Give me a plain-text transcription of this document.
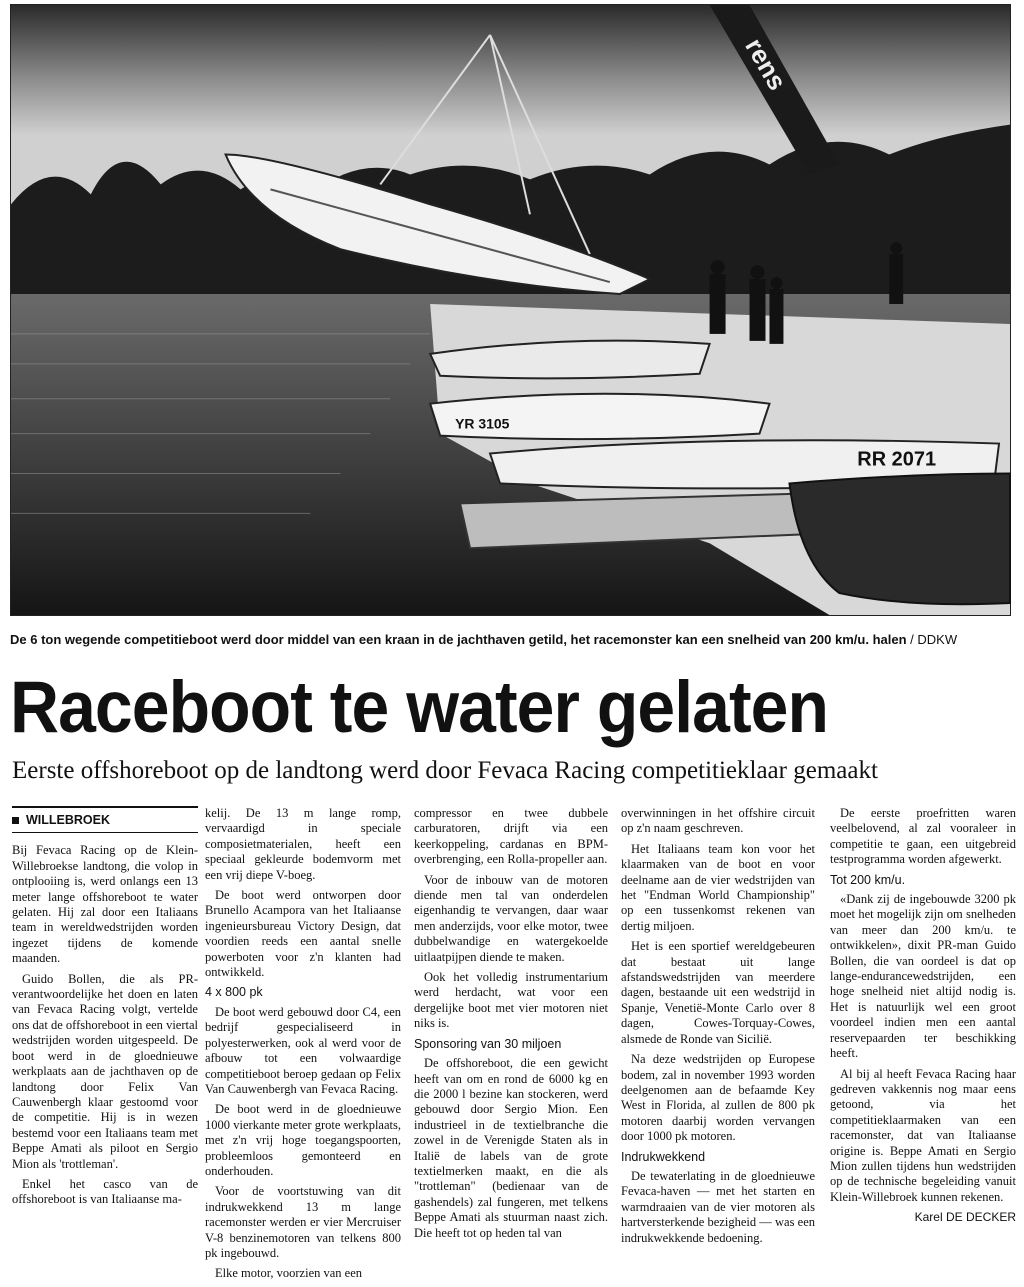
rens
YR 3105
RR 2071
De 6 ton wegende competitieboot werd door middel van een kraan in de jachthaven getild, het racemonster kan een snelheid van 200 km/u. halen / DDKW
Raceboot te water gelaten
Eerste offshoreboot op de landtong werd door Fevaca Racing competitieklaar gemaakt
WILLEBROEK

Bij Fevaca Racing op de Klein-Willebroekse landtong, die volop in ontplooiing is, werd onlangs een 13 meter lange offshoreboot te water gelaten. Hij zal door een Italiaans team in wereldwedstrijden worden ingezet tijdens de komende maanden.

Guido Bollen, die als PR-verantwoordelijke het doen en laten van Fevaca Racing volgt, vertelde ons dat de offshoreboot in een viertal wedstrijden worden uitgespeeld. De boot werd in de gloednieuwe werkplaats aan de jachthaven op de landtong door Felix Van Cauwenbergh klaar gestoomd voor de competitie. Hij is in wezen bestemd voor een Italiaans team met Beppe Amati als piloot en Sergio Mion als 'trottleman'.

Enkel het casco van de offshoreboot is van Italiaanse ma-

kelij. De 13 m lange romp, vervaardigd in speciale composietmaterialen, heeft een speciaal gekleurde bodemvorm met een vrij diepe V-boeg.

De boot werd ontworpen door Brunello Acampora van het Italiaanse ingenieursbureau Victory Design, dat voordien reeds een aantal snelle powerboten voor z'n klanten had ontwikkeld.

4 x 800 pk

De boot werd gebouwd door C4, een bedrijf gespecialiseerd in polyesterwerken, ook al werd voor de afbouw tot een volwaardige competitieboot beroep gedaan op Felix Van Cauwenbergh van Fevaca Racing.

De boot werd in de gloednieuwe 1000 vierkante meter grote werkplaats, met z'n vrij hoge toegangspoorten, probleemloos gemonteerd en onderhouden.

Voor de voortstuwing van dit indrukwekkend 13 m lange racemonster werden er vier Mercruiser V-8 benzinemotoren van telkens 800 pk ingebouwd.

Elke motor, voorzien van een

compressor en twee dubbele carburatoren, drijft via een keerkoppeling, cardanas en BPM-overbrenging, een Rolla-propeller aan.

Voor de inbouw van de motoren diende men tal van onderdelen eigenhandig te vervangen, daar waar men anderzijds, voor elke motor, twee dubbelwandige en watergekoelde uitlaatpijpen diende te maken.

Ook het volledig instrumentarium werd herdacht, wat voor een dergelijke boot met vier motoren niet niks is.

Sponsoring van 30 miljoen

De offshoreboot, die een gewicht heeft van om en rond de 6000 kg en die 2000 l bezine kan stockeren, werd gebouwd door Sergio Mion. Een industrieel in de textielbranche die zowel in de Verenigde Staten als in Italië de labels van de grote textielmerken maakt, en die als "trottleman" (bedienaar van de gashendels) zal fungeren, met telkens Beppe Amati als stuurman naast zich. Die heeft tot op heden tal van

overwinningen in het offshire circuit op z'n naam geschreven.

Het Italiaans team kon voor het klaarmaken van de boot en voor deelname aan de vier wedstrijden van het "Endman World Championship" op een tussenkomst rekenen van dertig miljoen.

Het is een sportief wereldgebeuren dat bestaat uit lange afstandswedstrijden van meerdere dagen, bestaande uit een wedstrijd in Spanje, Venetië-Monte Carlo over 8 dagen, Cowes-Torquay-Cowes, alsmede de Ronde van Sicilië.

Na deze wedstrijden op Europese bodem, zal in november 1993 worden deelgenomen aan de befaamde Key West in Florida, al zullen de 800 pk motoren daarbij worden vervangen door 1000 pk motoren.

Indrukwekkend

De tewaterlating in de gloednieuwe Fevaca-haven — met het starten en warmdraaien van de vier motoren als hartversterkende bezigheid — was een indrukwekkende bedoening.

De eerste proefritten waren veelbelovend, al zal vooraleer in competitie te gaan, een uitgebreid testprogramma worden afgewerkt.

Tot 200 km/u.

«Dank zij de ingebouwde 3200 pk moet het mogelijk zijn om snelheden van meer dan 200 km/u. te ontwikkelen», dixit PR-man Guido Bollen, die van oordeel is dat op lange-endurancewedstrijden, een hoge snelheid niet altijd nodig is. Het is natuurlijk wel een groot voordeel indien men een aantal reservepaarden ter beschikking heeft.

Al bij al heeft Fevaca Racing haar gedreven vakkennis nog maar eens getoond, via het competitieklaarmaken van een racemonster, dat van Italiaanse origine is. Beppe Amati en Sergio Mion zullen tijdens hun wedstrijden op de technische begeleiding vanuit Klein-Willebroek kunnen rekenen.

Karel DE DECKER
